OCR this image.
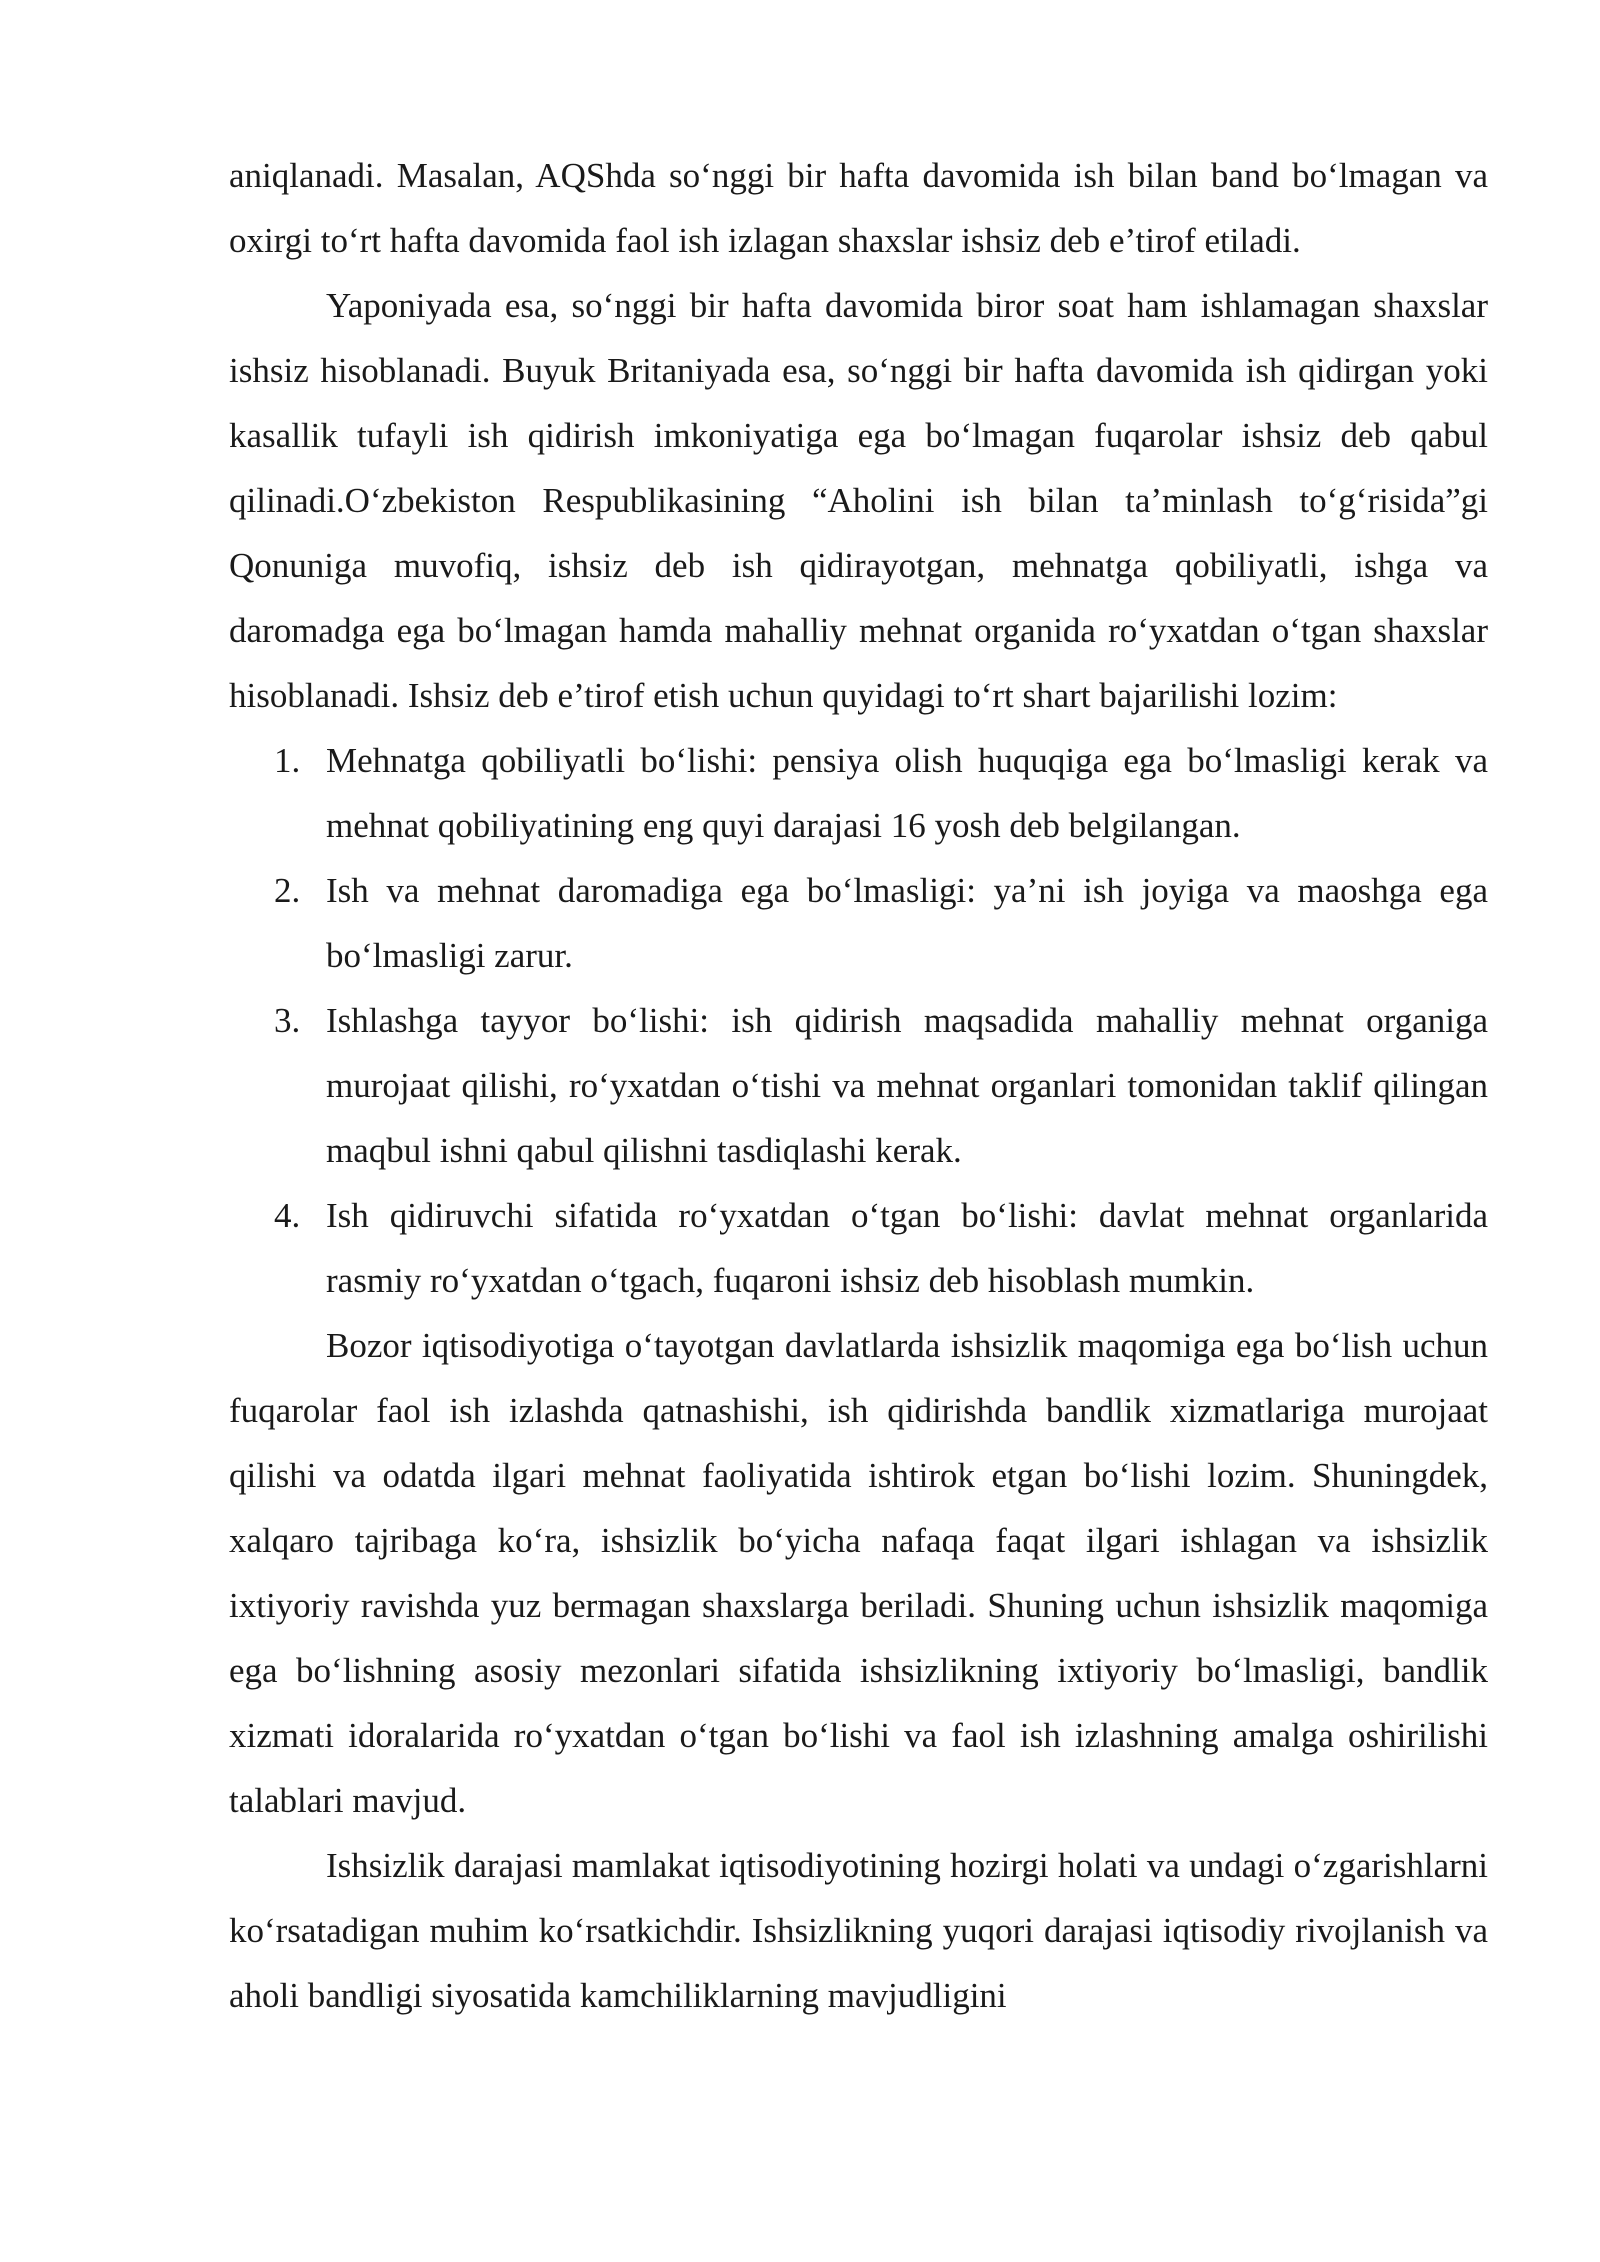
aniqlanadi. Masalan, AQShda so‘nggi bir hafta davomida ish bilan band bo‘lmagan va oxirgi to‘rt hafta davomida faol ish izlagan shaxslar ishsiz deb e’tirof etiladi.

Yaponiyada esa, so‘nggi bir hafta davomida biror soat ham ishlamagan shaxslar ishsiz hisoblanadi. Buyuk Britaniyada esa, so‘nggi bir hafta davomida ish qidirgan yoki kasallik tufayli ish qidirish imkoniyatiga ega bo‘lmagan fuqarolar ishsiz deb qabul qilinadi.O‘zbekiston Respublikasining “Aholini ish bilan ta’minlash to‘g‘risida”gi Qonuniga muvofiq, ishsiz deb ish qidirayotgan, mehnatga qobiliyatli, ishga va daromadga ega bo‘lmagan hamda mahalliy mehnat organida ro‘yxatdan o‘tgan shaxslar hisoblanadi. Ishsiz deb e’tirof etish uchun quyidagi to‘rt shart bajarilishi lozim:

1. Mehnatga qobiliyatli bo‘lishi: pensiya olish huquqiga ega bo‘lmasligi kerak va mehnat qobiliyatining eng quyi darajasi 16 yosh deb belgilangan.
2. Ish va mehnat daromadiga ega bo‘lmasligi: ya’ni ish joyiga va maoshga ega bo‘lmasligi zarur.
3. Ishlashga tayyor bo‘lishi: ish qidirish maqsadida mahalliy mehnat organiga murojaat qilishi, ro‘yxatdan o‘tishi va mehnat organlari tomonidan taklif qilingan maqbul ishni qabul qilishni tasdiqlashi kerak.
4. Ish qidiruvchi sifatida ro‘yxatdan o‘tgan bo‘lishi: davlat mehnat organlarida rasmiy ro‘yxatdan o‘tgach, fuqaroni ishsiz deb hisoblash mumkin.

Bozor iqtisodiyotiga o‘tayotgan davlatlarda ishsizlik maqomiga ega bo‘lish uchun fuqarolar faol ish izlashda qatnashishi, ish qidirishda bandlik xizmatlariga murojaat qilishi va odatda ilgari mehnat faoliyatida ishtirok etgan bo‘lishi lozim. Shuningdek, xalqaro tajribaga ko‘ra, ishsizlik bo‘yicha nafaqa faqat ilgari ishlagan va ishsizlik ixtiyoriy ravishda yuz bermagan shaxslarga beriladi. Shuning uchun ishsizlik maqomiga ega bo‘lishning asosiy mezonlari sifatida ishsizlikning ixtiyoriy bo‘lmasligi, bandlik xizmati idoralarida ro‘yxatdan o‘tgan bo‘lishi va faol ish izlashning amalga oshirilishi talablari mavjud.

Ishsizlik darajasi mamlakat iqtisodiyotining hozirgi holati va undagi o‘zgarishlarni ko‘rsatadigan muhim ko‘rsatkichdir. Ishsizlikning yuqori darajasi iqtisodiy rivojlanish va aholi bandligi siyosatida kamchiliklarning mavjudligini
